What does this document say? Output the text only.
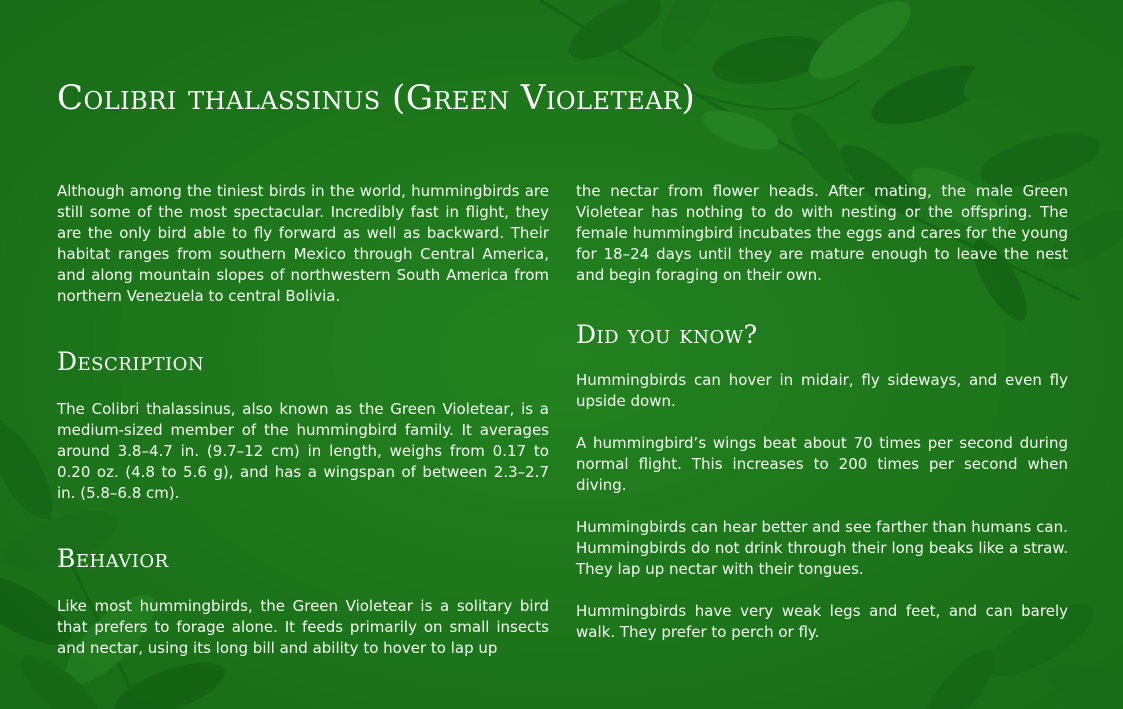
Colibri thalassinus (Green Violetear)

Although among the tiniest birds in the world, hummingbirds are still some of the most spectacular. Incredibly fast in flight, they are the only bird able to fly forward as well as backward. Their habitat ranges from southern Mexico through Central America, and along mountain slopes of northwestern South America from northern Venezuela to central Bolivia.

Description

The Colibri thalassinus, also known as the Green Violetear, is a medium-sized member of the hummingbird family. It averages around 3.8–4.7 in. (9.7–12 cm) in length, weighs from 0.17 to 0.20 oz. (4.8 to 5.6 g), and has a wingspan of between 2.3–2.7 in. (5.8–6.8 cm).

Behavior

Like most hummingbirds, the Green Violetear is a solitary bird that prefers to forage alone. It feeds primarily on small insects and nectar, using its long bill and ability to hover to lap up

the nectar from flower heads. After mating, the male Green Violetear has nothing to do with nesting or the offspring. The female hummingbird incubates the eggs and cares for the young for 18–24 days until they are mature enough to leave the nest and begin foraging on their own.

Did you know?

Hummingbirds can hover in midair, fly sideways, and even fly upside down.

A hummingbird’s wings beat about 70 times per second during normal flight. This increases to 200 times per second when diving.

Hummingbirds can hear better and see farther than humans can.

Hummingbirds do not drink through their long beaks like a straw. They lap up nectar with their tongues.

Hummingbirds have very weak legs and feet, and can barely walk. They prefer to perch or fly.
